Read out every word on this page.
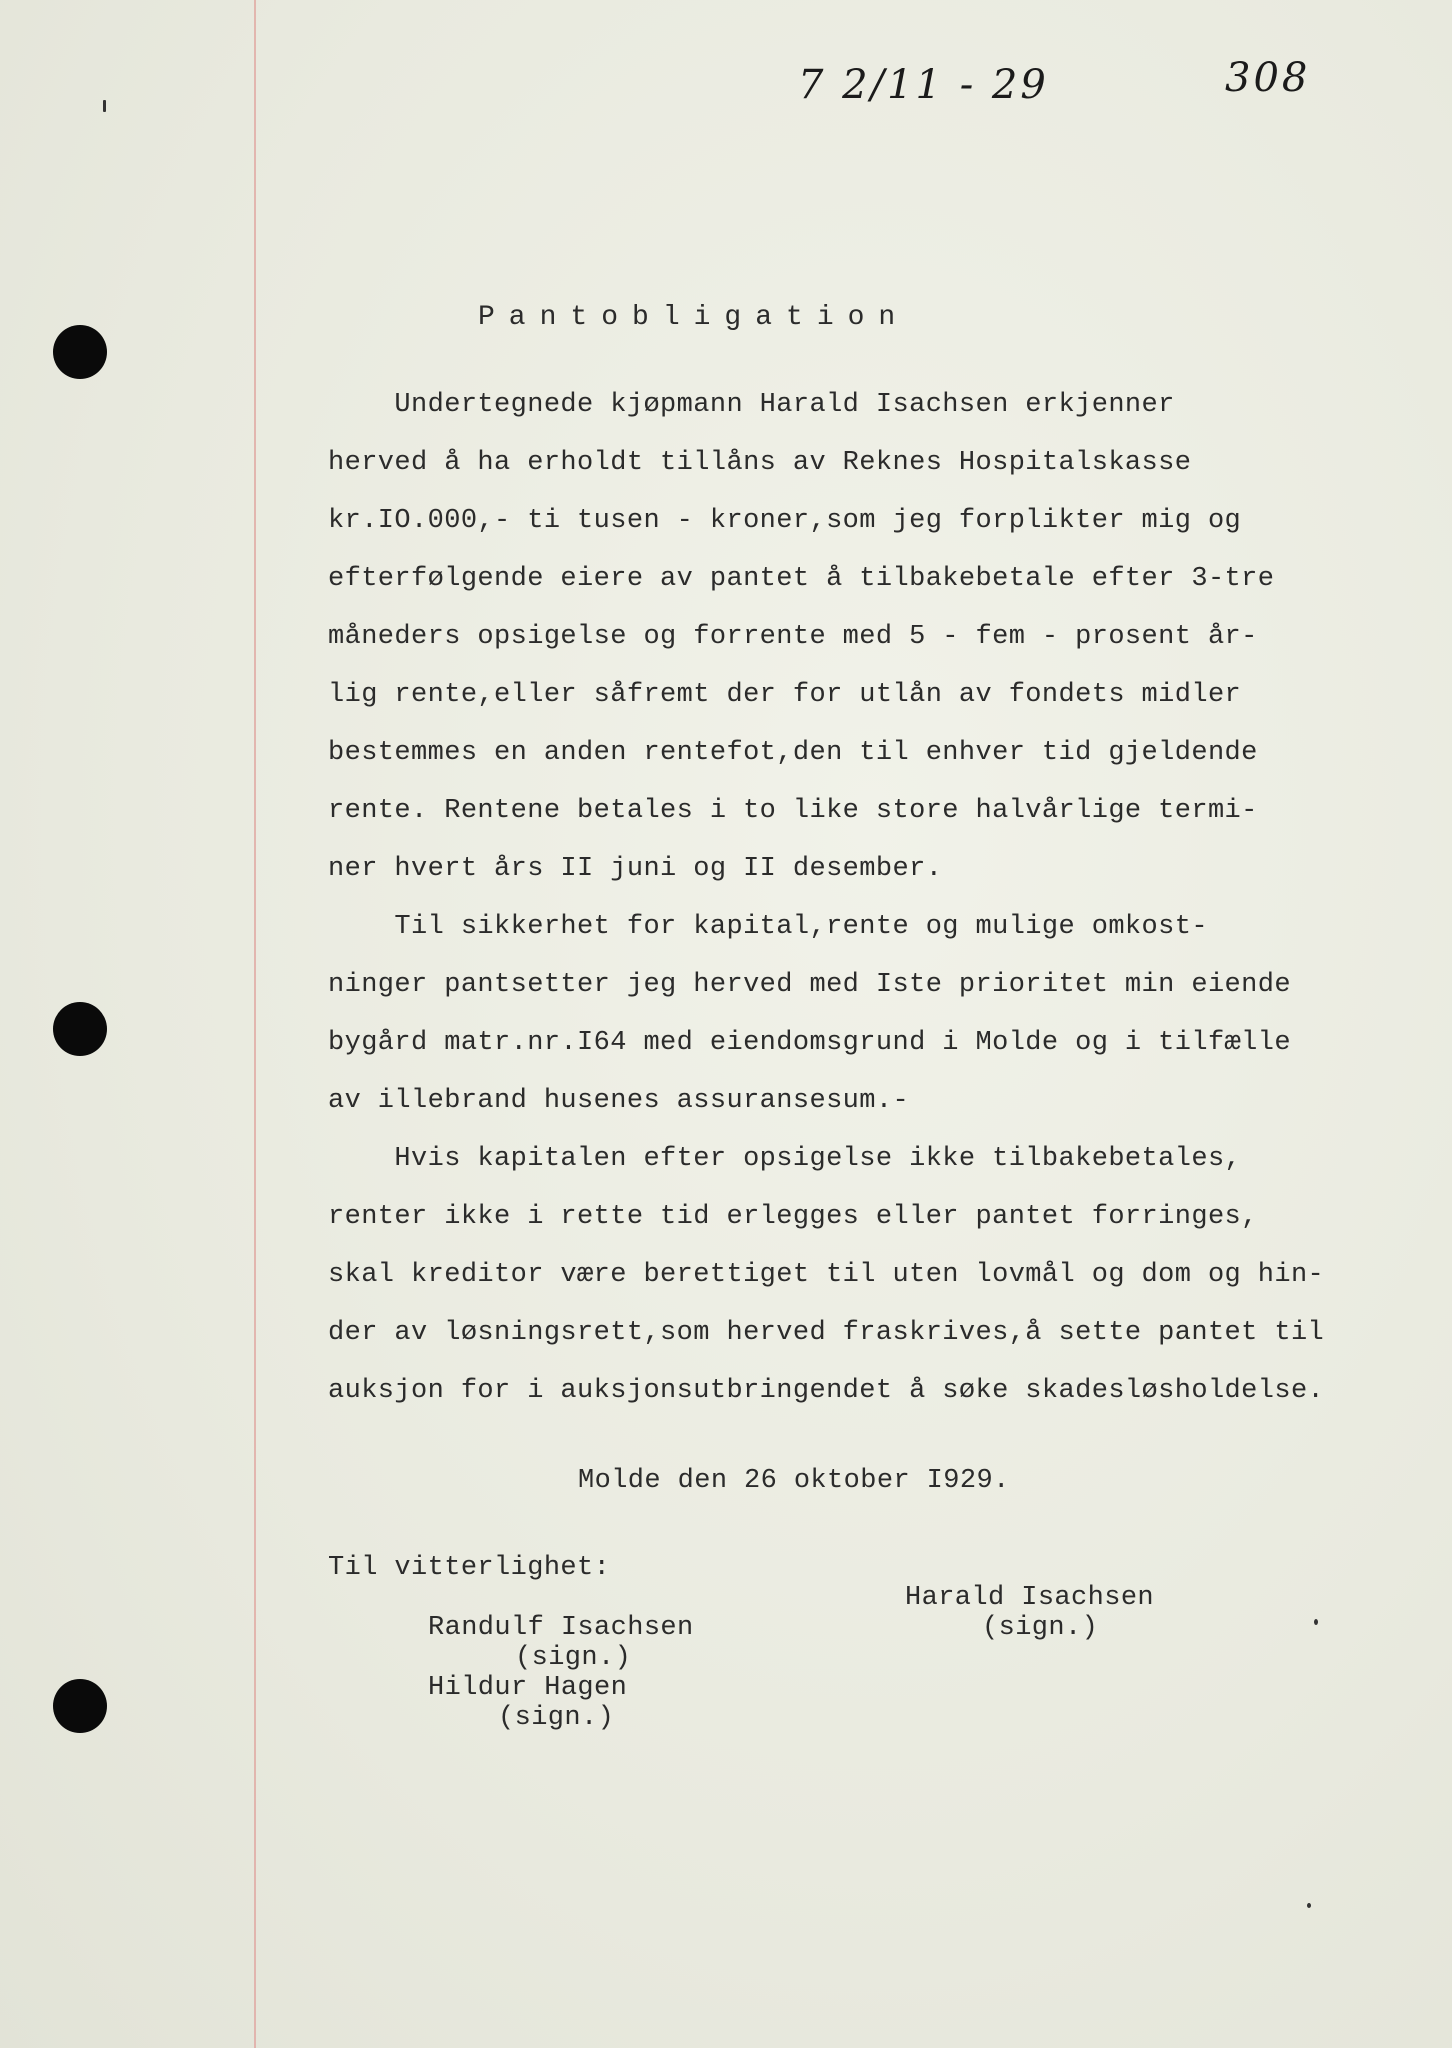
7 2/11 - 29	308
Pantobligation
Undertegnede kjøpmann Harald Isachsen erkjenner
herved å ha erholdt tillåns av Reknes Hospitalskasse
kr.IO.000,- ti tusen - kroner,som jeg forplikter mig og
efterfølgende eiere av pantet å tilbakebetale efter 3-tre
måneders opsigelse og forrente med 5 - fem - prosent år-
lig rente,eller såfremt der for utlån av fondets midler
bestemmes en anden rentefot,den til enhver tid gjeldende
rente. Rentene betales i to like store halvårlige termi-
ner hvert års II juni og II desember.
Til sikkerhet for kapital,rente og mulige omkost-
ninger pantsetter jeg herved med Iste prioritet min eiende
bygård matr.nr.I64 med eiendomsgrund i Molde og i tilfælle
av illebrand husenes assuransesum.-
Hvis kapitalen efter opsigelse ikke tilbakebetales,
renter ikke i rette tid erlegges eller pantet forringes,
skal kreditor være berettiget til uten lovmål og dom og hin-
der av løsningsrett,som herved fraskrives,å sette pantet til
auksjon for i auksjonsutbringendet å søke skadesløsholdelse.
Molde den 26 oktober I929.
Til vitterlighet:
Randulf Isachsen
(sign.)
Hildur Hagen
(sign.)
Harald Isachsen
(sign.)
